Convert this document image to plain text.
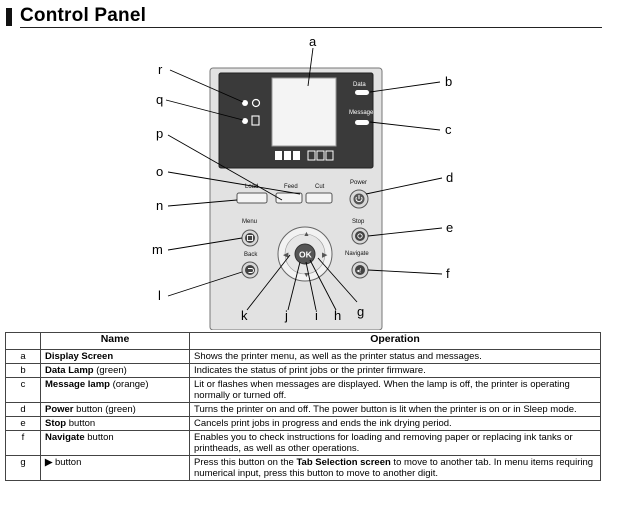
Control Panel
Data
Message
Load	Feed	Cut
Power
Stop
Navigate
◂!
Menu
Back
▲
▼
◀	▶
OK
a
b
c
d
e
f
g
h
i
j
k
l
m
n
o
p
q
r
	Name	Operation
a	Display Screen	Shows the printer menu, as well as the printer status and messages.
b	Data Lamp (green)	Indicates the status of print jobs or the printer firmware.
c	Message lamp (orange)	Lit or flashes when messages are displayed. When the lamp is off, the printer is operating normally or turned off.
d	Power button (green)	Turns the printer on and off. The power button is lit when the printer is on or in Sleep mode.
e	Stop button	Cancels print jobs in progress and ends the ink drying period.
f	Navigate button	Enables you to check instructions for loading and removing paper or replacing ink tanks or printheads, as well as other operations.
g	▶ button	Press this button on the Tab Selection screen to move to another tab. In menu items requiring numerical input, press this button to move to another digit.
